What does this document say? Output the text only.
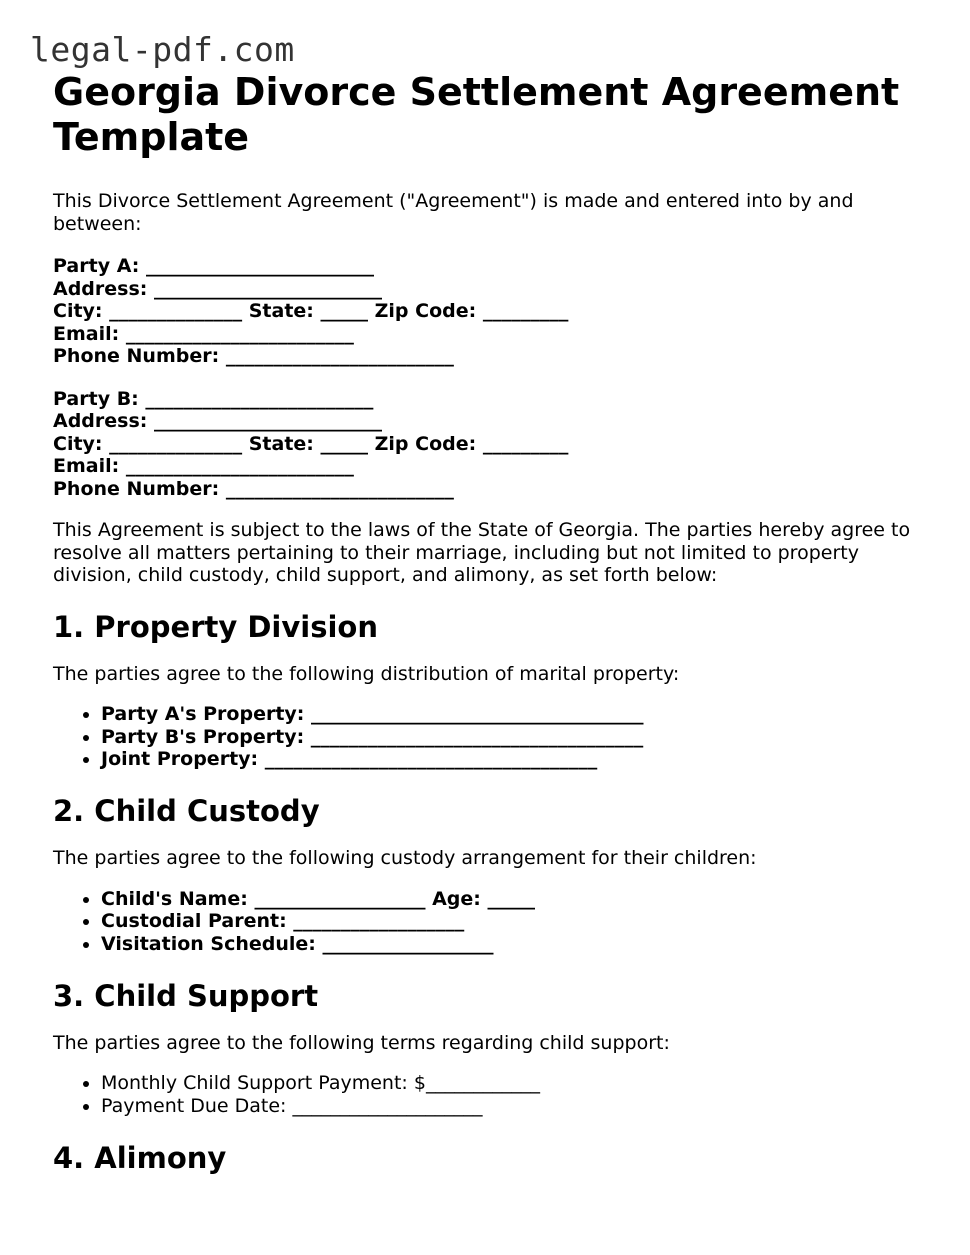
legal-pdf.com
Georgia Divorce Settlement Agreement Template

This Divorce Settlement Agreement ("Agreement") is made and entered into by and between:

Party A: ________________________
Address: ________________________
City: ______________ State: _____ Zip Code: _________
Email: ________________________
Phone Number: ________________________
Party B: ________________________
Address: ________________________
City: ______________ State: _____ Zip Code: _________
Email: ________________________
Phone Number: ________________________

This Agreement is subject to the laws of the State of Georgia. The parties hereby agree to resolve all matters pertaining to their marriage, including but not limited to property division, child custody, child support, and alimony, as set forth below:

1. Property Division

The parties agree to the following distribution of marital property:

• Party A's Property: ___________________________________
• Party B's Property: ___________________________________
• Joint Property: ___________________________________
2. Child Custody

The parties agree to the following custody arrangement for their children:

• Child's Name: __________________ Age: _____
• Custodial Parent: __________________
• Visitation Schedule: __________________
3. Child Support

The parties agree to the following terms regarding child support:

• Monthly Child Support Payment: $____________
• Payment Due Date: ____________________
4. Alimony
